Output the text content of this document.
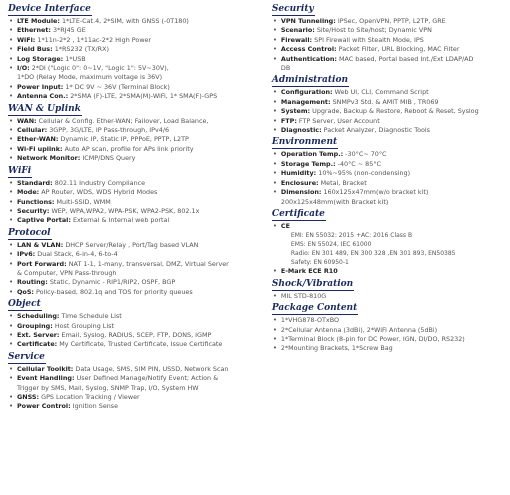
Device Interface
• LTE Module: 1*LTE-Cat.4, 2*SIM, with GNSS (-0T180)
• Ethernet: 3*RJ45 GE
• WiFi: 1*11n-2*2 , 1*11ac-2*2 High Power
• Field Bus: 1*RS232 (TX/RX)
• Log Storage: 1*USB
• I/O: 2*DI ("Logic 0": 0~1V, "Logic 1": 5V~30V),
1*DO (Relay Mode, maximum voltage is 36V)
• Power Input: 1* DC 9V ~ 36V (Terminal Block)
• Antenna Con.: 2*SMA (F)-LTE, 2*SMA(M)-WiFi, 1* SMA(F)-GPS
WAN & Uplink
• WAN: Cellular & Config. Ether-WAN; Failover, Load Balance,
• Cellular: 3GPP, 3G/LTE, IP Pass-through, IPv4/6
• Ether-WAN: Dynamic IP, Static IP, PPPoE, PPTP, L2TP
• Wi-Fi uplink: Auto AP scan, profile for APs link priority
• Network Monitor: ICMP/DNS Query
WiFi
• Standard: 802.11 Industry Compliance
• Mode: AP Router, WDS, WDS Hybrid Modes
• Functions: Multi-SSID, WMM
• Security: WEP, WPA,WPA2, WPA-PSK, WPA2-PSK, 802.1x
• Captive Portal: External & Internal web portal
Protocol
• LAN & VLAN: DHCP Server/Relay , Port/Tag based VLAN
• IPv6: Dual Stack, 6-in-4, 6-to-4
• Port Forward: NAT 1-1, 1-many, transversal, DMZ, Virtual Server
& Computer, VPN Pass-through
• Routing: Static, Dynamic - RIP1/RIP2, OSPF, BGP
• QoS: Policy-based, 802.1q and TOS for priority queues
Object
• Scheduling: Time Schedule List
• Grouping: Host Grouping List
• Ext. Server: Email, Syslog, RADIUS, SCEP, FTP, DONS, IGMP
• Certificate: My Certificate, Trusted Certificate, Issue Certificate
Service
• Cellular Toolkit: Data Usage, SMS, SIM PIN, USSD, Network Scan
• Event Handling: User Defined Manage/Notify Event; Action &
Trigger by SMS, Mail, Syslog, SNMP Trap, I/O, System HW
• GNSS: GPS Location Tracking / Viewer
• Power Control: Ignition Sense
Security
• VPN Tunneling: IPSec, OpenVPN, PPTP, L2TP, GRE
• Scenario: Site/Host to Site/host; Dynamic VPN
• Firewall: SPI Firewall with Stealth Mode, IPS
• Access Control: Packet Filter, URL Blocking, MAC Filter
• Authentication: MAC based, Portal based Int./Ext LDAP/AD
DB
Administration
• Configuration: Web UI, CLI, Command Script
• Management: SNMPv3 Std. & AMIT MIB , TR069
• System: Upgrade, Backup & Restore, Reboot & Reset, Syslog
• FTP: FTP Server, User Account
• Diagnostic: Packet Analyzer, Diagnostic Tools
Environment
• Operation Temp.: -30°C~ 70°C
• Storage Temp.: -40°C ~ 85°C
• Humidity: 10%~95% (non-condensing)
• Enclosure: Metal, Bracket
• Dimension: 160x125x47mm(w/o bracket kit)
200x125x48mm(with Bracket kit)
Certificate
• CE
EMI: EN 55032: 2015 +AC: 2016 Class B
EMS: EN 55024, IEC 61000
Radio: EN 301 489, EN 300 328 ,EN 301 893, EN50385
Safety: EN 60950-1
• E-Mark ECE R10
Shock/Vibration
• MIL STD-810G
Package Content
• 1*VHG878-OTxBO
• 2*Cellular Antenna (3dBi), 2*WiFi Antenna (5dBi)
• 1*Terminal Block (8-pin for DC Power, IGN, DI/DO, RS232)
• 2*Mounting Brackets, 1*Screw Bag
